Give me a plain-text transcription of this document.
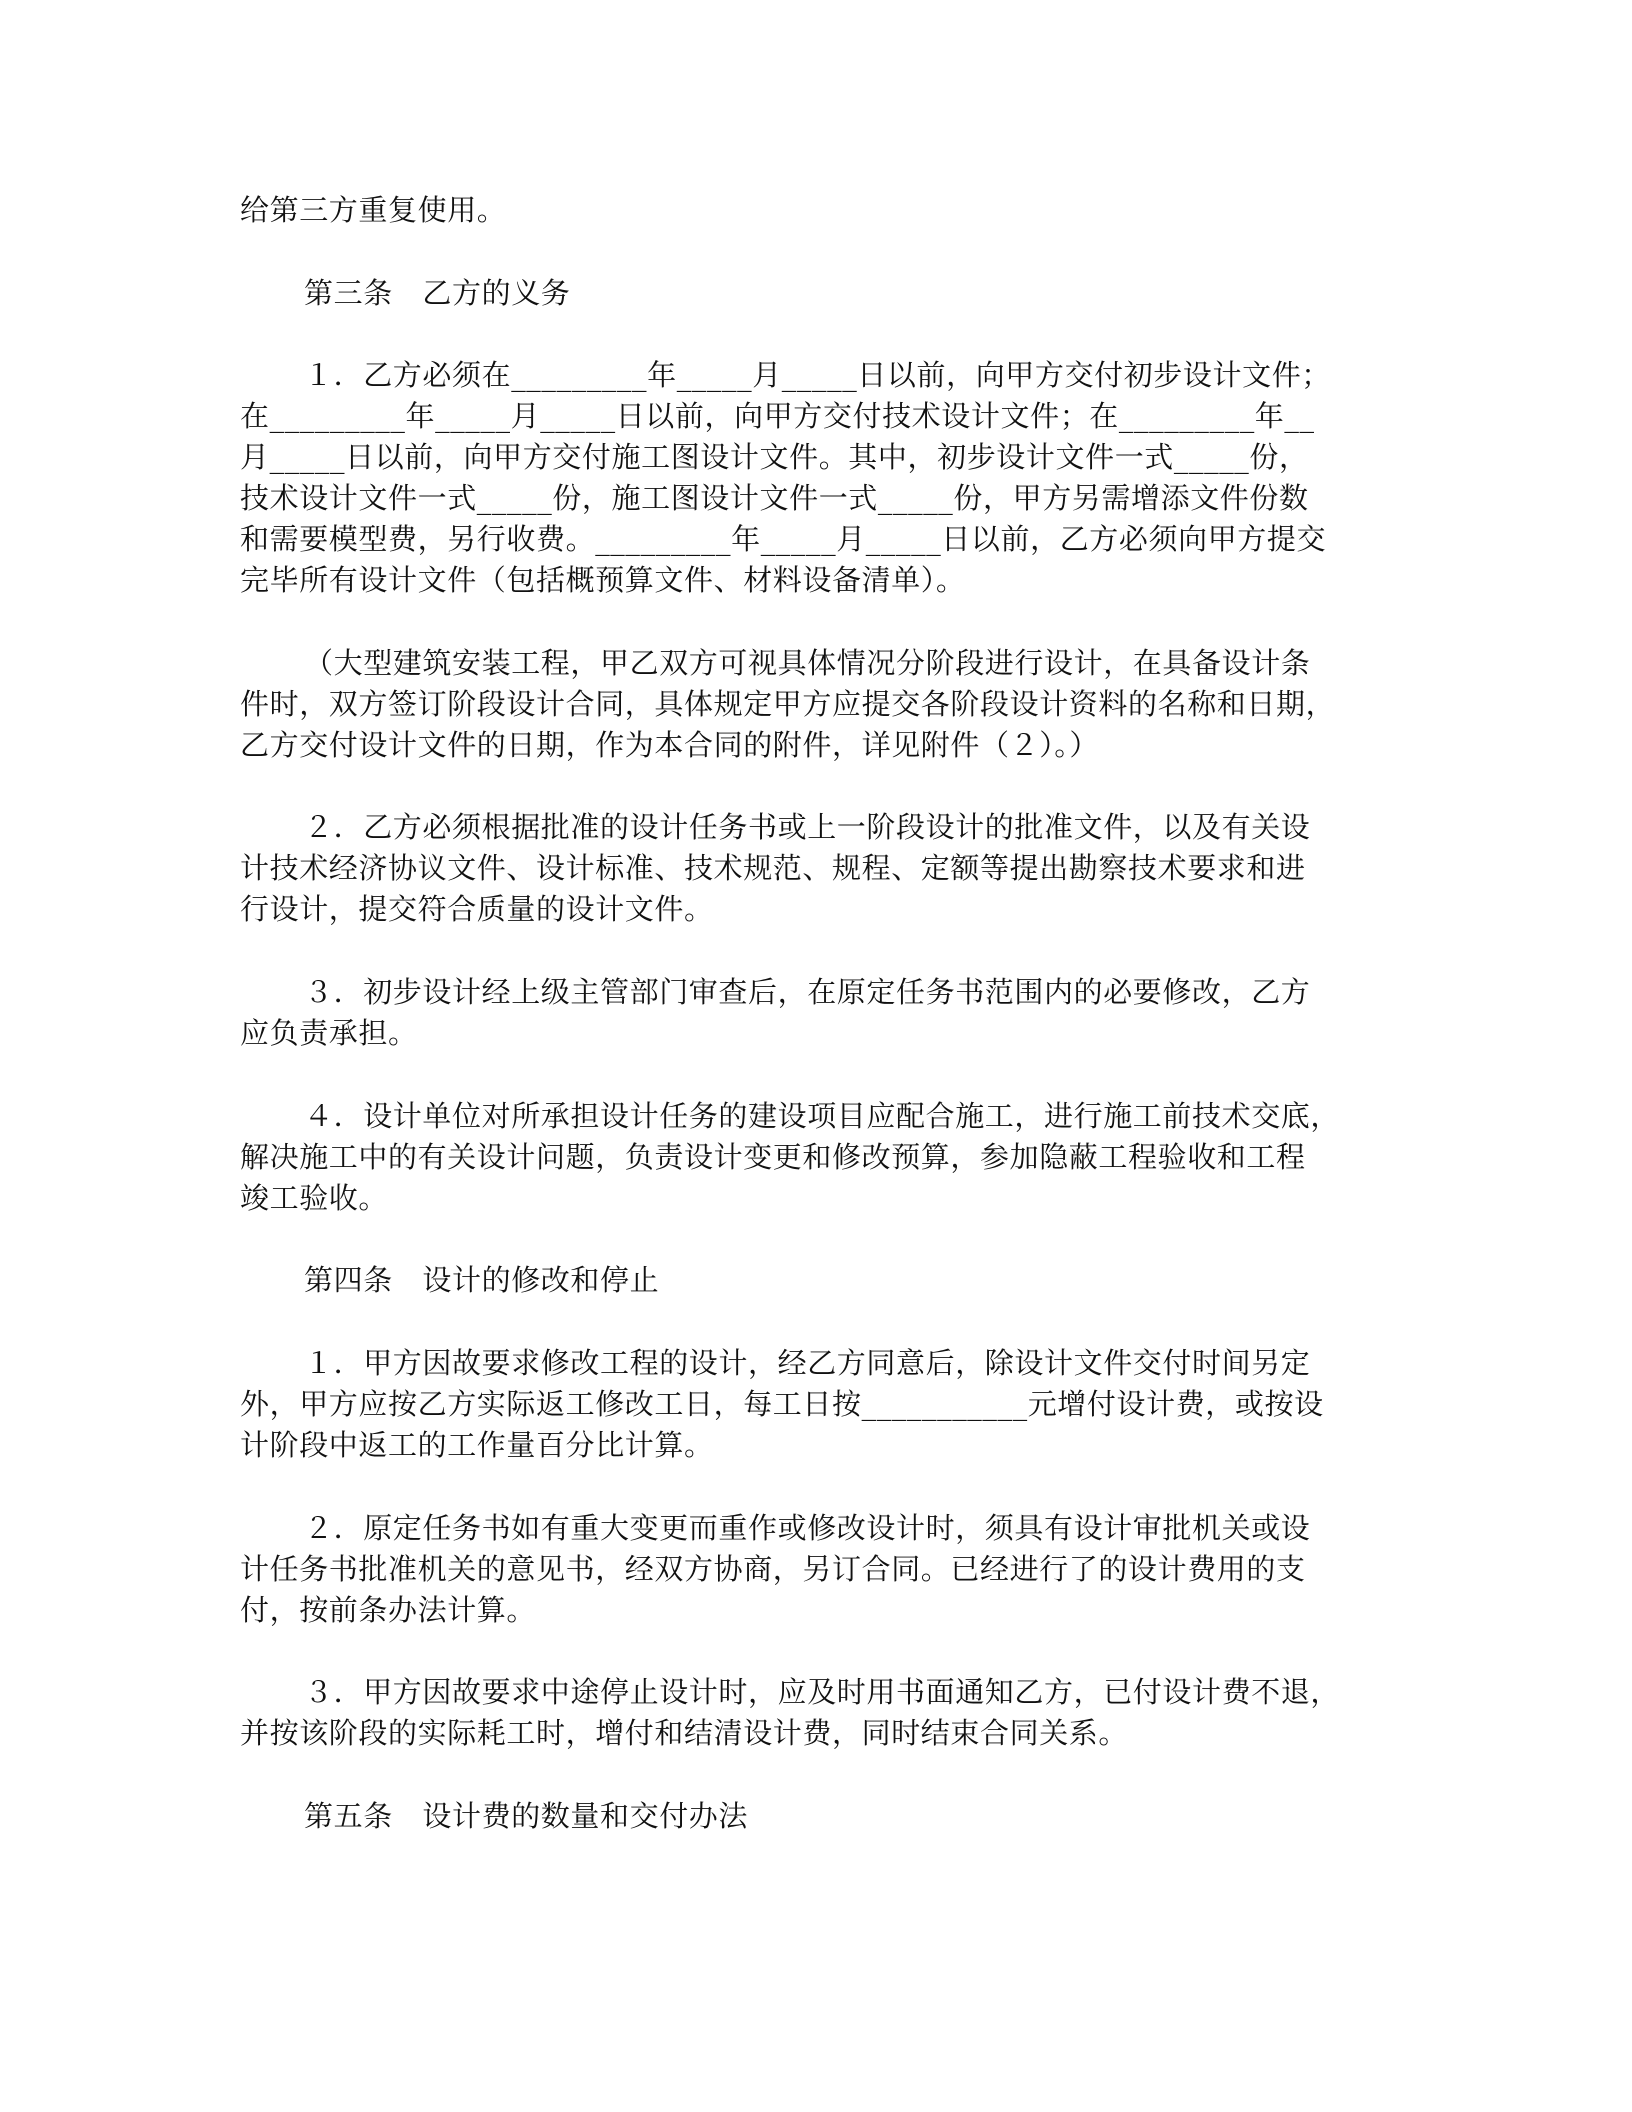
给第三方重复使用。
第三条　乙方的义务
１．乙方必须在_________年_____月_____日以前，向甲方交付初步设计文件；
在_________年_____月_____日以前，向甲方交付技术设计文件；在_________年__
月_____日以前，向甲方交付施工图设计文件。其中，初步设计文件一式_____份，
技术设计文件一式_____份，施工图设计文件一式_____份，甲方另需增添文件份数
和需要模型费，另行收费。_________年_____月_____日以前，乙方必须向甲方提交
完毕所有设计文件（包括概预算文件、材料设备清单）。
（大型建筑安装工程，甲乙双方可视具体情况分阶段进行设计，在具备设计条
件时，双方签订阶段设计合同，具体规定甲方应提交各阶段设计资料的名称和日期，
乙方交付设计文件的日期，作为本合同的附件，详见附件（２）。）
２．乙方必须根据批准的设计任务书或上一阶段设计的批准文件，以及有关设
计技术经济协议文件、设计标准、技术规范、规程、定额等提出勘察技术要求和进
行设计，提交符合质量的设计文件。
３．初步设计经上级主管部门审查后，在原定任务书范围内的必要修改，乙方
应负责承担。
４．设计单位对所承担设计任务的建设项目应配合施工，进行施工前技术交底，
解决施工中的有关设计问题，负责设计变更和修改预算，参加隐蔽工程验收和工程
竣工验收。
第四条　设计的修改和停止
１．甲方因故要求修改工程的设计，经乙方同意后，除设计文件交付时间另定
外，甲方应按乙方实际返工修改工日，每工日按___________元增付设计费，或按设
计阶段中返工的工作量百分比计算。
２．原定任务书如有重大变更而重作或修改设计时，须具有设计审批机关或设
计任务书批准机关的意见书，经双方协商，另订合同。已经进行了的设计费用的支
付，按前条办法计算。
３．甲方因故要求中途停止设计时，应及时用书面通知乙方，已付设计费不退，
并按该阶段的实际耗工时，增付和结清设计费，同时结束合同关系。
第五条　设计费的数量和交付办法
